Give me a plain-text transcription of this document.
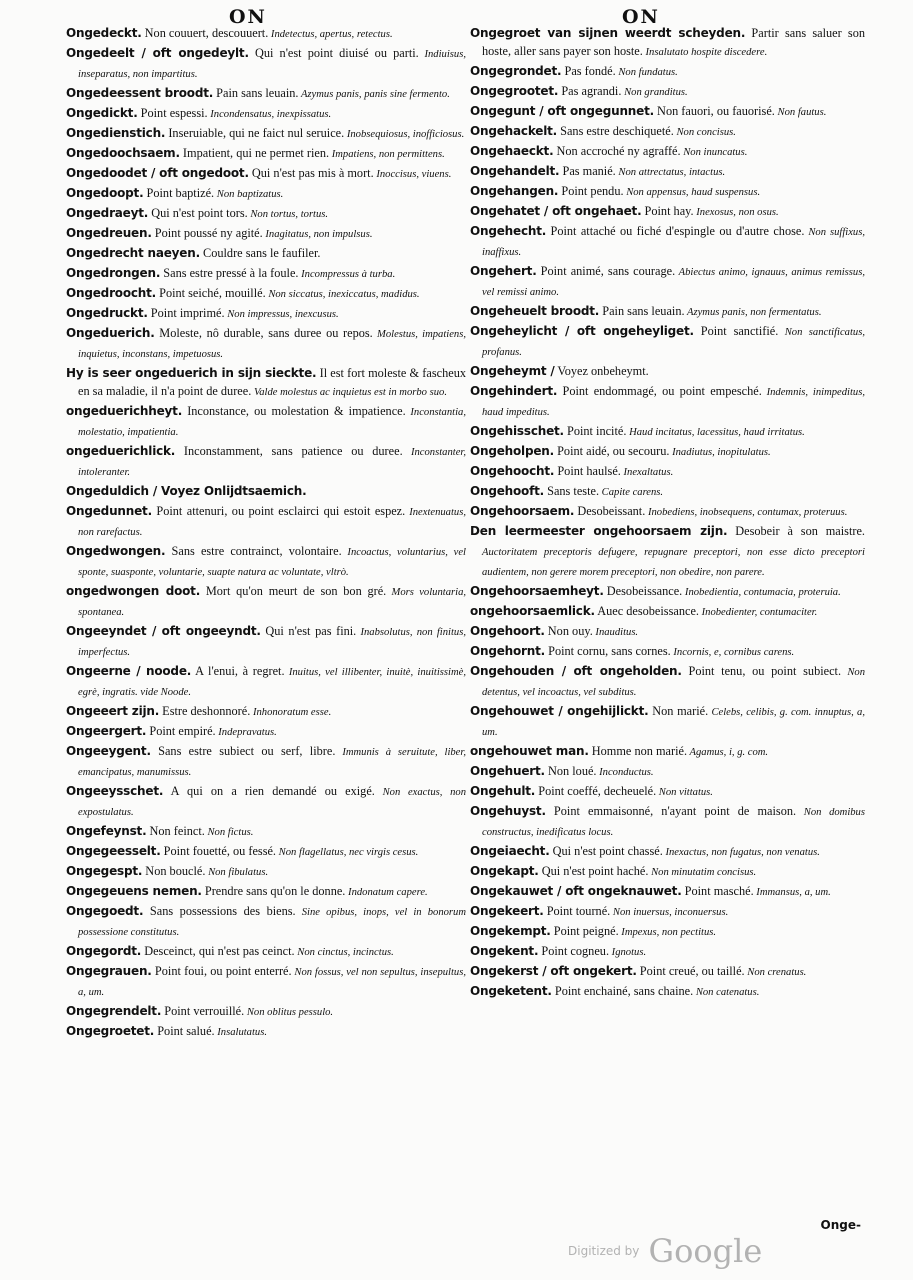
ON	ON

Ongedeckt. Non couuert, descouuert. Indetectus, apertus, retectus.

Ongedeelt / oft ongedeylt. Qui n'est point diuisé ou parti. Indiuisus, inseparatus, non impartitus.

Ongedeessent broodt. Pain sans leuain. Azymus panis, panis sine fermento.

Ongedickt. Point espessi. Incondensatus, inexpissatus.

Ongedienstich. Inseruiable, qui ne faict nul seruice. Inobsequiosus, inofficiosus.

Ongedoochsaem. Impatient, qui ne permet rien. Impatiens, non permittens.

Ongedoodet / oft ongedoot. Qui n'est pas mis à mort. Inoccisus, viuens.

Ongedoopt. Point baptizé. Non baptizatus.

Ongedraeyt. Qui n'est point tors. Non tortus, tortus.

Ongedreuen. Point poussé ny agité. Inagitatus, non impulsus.

Ongedrecht naeyen. Couldre sans le faufiler.

Ongedrongen. Sans estre pressé à la foule. Incompressus à turba.

Ongedroocht. Point seiché, mouillé. Non siccatus, inexiccatus, madidus.

Ongedruckt. Point imprimé. Non impressus, inexcusus.

Ongeduerich. Moleste, nô durable, sans duree ou repos. Molestus, impatiens, inquietus, inconstans, impetuosus.

Hy is seer ongeduerich in sijn sieckte. Il est fort moleste & fascheux en sa maladie, il n'a point de duree. Valde molestus ac inquietus est in morbo suo.

ongeduerichheyt. Inconstance, ou molestation & impatience. Inconstantia, molestatio, impatientia.

ongeduerichlick. Inconstamment, sans patience ou duree. Inconstanter, intoleranter.

Ongeduldich / Voyez Onlijdtsaemich.

Ongedunnet. Point attenuri, ou point esclairci qui estoit espez. Inextenuatus, non rarefactus.

Ongedwongen. Sans estre contrainct, volontaire. Incoactus, voluntarius, vel sponte, suasponte, voluntarie, suapte natura ac voluntate, vltrò.

ongedwongen doot. Mort qu'on meurt de son bon gré. Mors voluntaria, spontanea.

Ongeeyndet / oft ongeeyndt. Qui n'est pas fini. Inabsolutus, non finitus, imperfectus.

Ongeerne / noode. A l'enui, à regret. Inuitus, vel illibenter, inuitè, inuitissimè, egrè, ingratis. vide Noode.

Ongeeert zijn. Estre deshonnoré. Inhonoratum esse.

Ongeergert. Point empiré. Indepravatus.

Ongeeygent. Sans estre subiect ou serf, libre. Immunis à seruitute, liber, emancipatus, manumissus.

Ongeeysschet. A qui on a rien demandé ou exigé. Non exactus, non expostulatus.

Ongefeynst. Non feinct. Non fictus.

Ongegeesselt. Point fouetté, ou fessé. Non flagellatus, nec virgis cesus.

Ongegespt. Non bouclé. Non fibulatus.

Ongegeuens nemen. Prendre sans qu'on le donne. Indonatum capere.

Ongegoedt. Sans possessions des biens. Sine opibus, inops, vel in bonorum possessione constitutus.

Ongegordt. Desceinct, qui n'est pas ceinct. Non cinctus, incinctus.

Ongegrauen. Point foui, ou point enterré. Non fossus, vel non sepultus, insepultus, a, um.

Ongegrendelt. Point verrouillé. Non oblitus pessulo.

Ongegroetet. Point salué. Insalutatus.

Ongegroet van sijnen weerdt scheyden. Partir sans saluer son hoste, aller sans payer son hoste. Insalutato hospite discedere.

Ongegrondet. Pas fondé. Non fundatus.

Ongegrootet. Pas agrandi. Non granditus.

Ongegunt / oft ongegunnet. Non fauori, ou fauorisé. Non fautus.

Ongehackelt. Sans estre deschiqueté. Non concisus.

Ongehaeckt. Non accroché ny agraffé. Non inuncatus.

Ongehandelt. Pas manié. Non attrectatus, intactus.

Ongehangen. Point pendu. Non appensus, haud suspensus.

Ongehatet / oft ongehaet. Point hay. Inexosus, non osus.

Ongehecht. Point attaché ou fiché d'espingle ou d'autre chose. Non suffixus, inaffixus.

Ongehert. Point animé, sans courage. Abiectus animo, ignauus, animus remissus, vel remissi animo.

Ongeheuelt broodt. Pain sans leuain. Azymus panis, non fermentatus.

Ongeheylicht / oft ongeheyliget. Point sanctifié. Non sanctificatus, profanus.

Ongeheymt / Voyez onbeheymt.

Ongehindert. Point endommagé, ou point empesché. Indemnis, inimpeditus, haud impeditus.

Ongehisschet. Point incité. Haud incitatus, lacessitus, haud irritatus.

Ongeholpen. Point aidé, ou secouru. Inadiutus, inopitulatus.

Ongehoocht. Point haulsé. Inexaltatus.

Ongehooft. Sans teste. Capite carens.

Ongehoorsaem. Desobeissant. Inobediens, inobsequens, contumax, proteruus.

Den leermeester ongehoorsaem zijn. Desobeir à son maistre. Auctoritatem preceptoris defugere, repugnare preceptori, non esse dicto preceptori audientem, non gerere morem preceptori, non obedire, non parere.

Ongehoorsaemheyt. Desobeissance. Inobedientia, contumacia, proteruia.

ongehoorsaemlick. Auec desobeissance. Inobedienter, contumaciter.

Ongehoort. Non ouy. Inauditus.

Ongehornt. Point cornu, sans cornes. Incornis, e, cornibus carens.

Ongehouden / oft ongeholden. Point tenu, ou point subiect. Non detentus, vel incoactus, vel subditus.

Ongehouwet / ongehijlickt. Non marié. Celebs, celibis, g. com. innuptus, a, um.

ongehouwet man. Homme non marié. Agamus, i, g. com.

Ongehuert. Non loué. Inconductus.

Ongehult. Point coeffé, decheuelé. Non vittatus.

Ongehuyst. Point emmaisonné, n'ayant point de maison. Non domibus constructus, inedificatus locus.

Ongeiaecht. Qui n'est point chassé. Inexactus, non fugatus, non venatus.

Ongekapt. Qui n'est point haché. Non minutatim concisus.

Ongekauwet / oft ongeknauwet. Point masché. Immansus, a, um.

Ongekeert. Point tourné. Non inuersus, inconuersus.

Ongekempt. Point peigné. Impexus, non pectitus.

Ongekent. Point cogneu. Ignotus.

Ongekerst / oft ongekert. Point creué, ou taillé. Non crenatus.

Ongeketent. Point enchainé, sans chaine. Non catenatus.

Onge-
Digitized by Google
